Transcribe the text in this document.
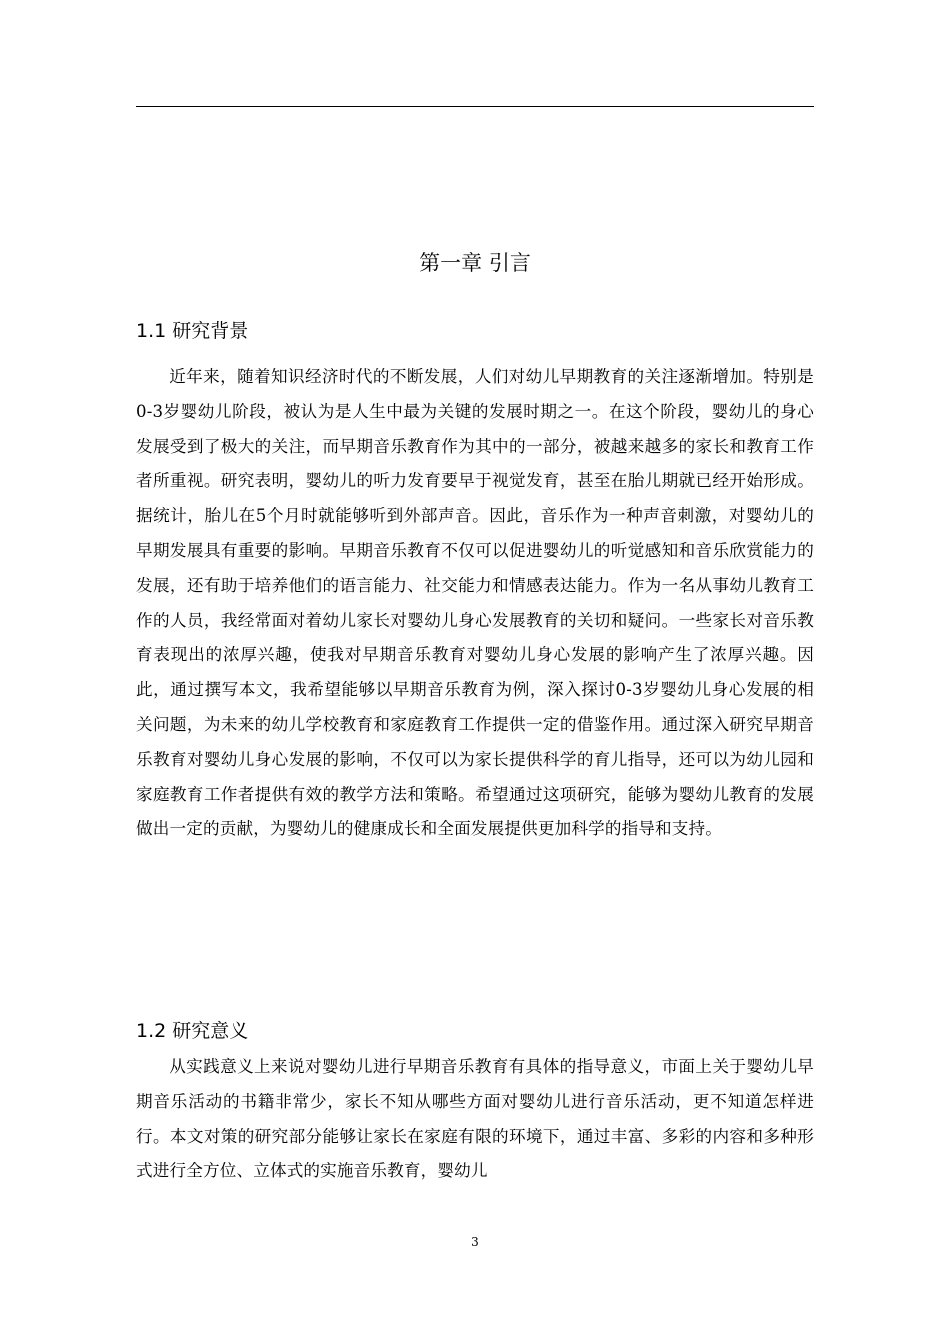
第一章 引言
1.1 研究背景

近年来，随着知识经济时代的不断发展，人们对幼儿早期教育的关注逐渐增加。特别是0-3岁婴幼儿阶段，被认为是人生中最为关键的发展时期之一。在这个阶段，婴幼儿的身心发展受到了极大的关注，而早期音乐教育作为其中的一部分，被越来越多的家长和教育工作者所重视。研究表明，婴幼儿的听力发育要早于视觉发育，甚至在胎儿期就已经开始形成。据统计，胎儿在5个月时就能够听到外部声音。因此，音乐作为一种声音刺激，对婴幼儿的早期发展具有重要的影响。早期音乐教育不仅可以促进婴幼儿的听觉感知和音乐欣赏能力的发展，还有助于培养他们的语言能力、社交能力和情感表达能力。作为一名从事幼儿教育工作的人员，我经常面对着幼儿家长对婴幼儿身心发展教育的关切和疑问。一些家长对音乐教育表现出的浓厚兴趣，使我对早期音乐教育对婴幼儿身心发展的影响产生了浓厚兴趣。因此，通过撰写本文，我希望能够以早期音乐教育为例，深入探讨0-3岁婴幼儿身心发展的相关问题，为未来的幼儿学校教育和家庭教育工作提供一定的借鉴作用。通过深入研究早期音乐教育对婴幼儿身心发展的影响，不仅可以为家长提供科学的育儿指导，还可以为幼儿园和家庭教育工作者提供有效的教学方法和策略。希望通过这项研究，能够为婴幼儿教育的发展做出一定的贡献，为婴幼儿的健康成长和全面发展提供更加科学的指导和支持。

1.2 研究意义

从实践意义上来说对婴幼儿进行早期音乐教育有具体的指导意义，市面上关于婴幼儿早期音乐活动的书籍非常少，家长不知从哪些方面对婴幼儿进行音乐活动，更不知道怎样进行。本文对策的研究部分能够让家长在家庭有限的环境下，通过丰富、多彩的内容和多种形式进行全方位、立体式的实施音乐教育，婴幼儿

3
